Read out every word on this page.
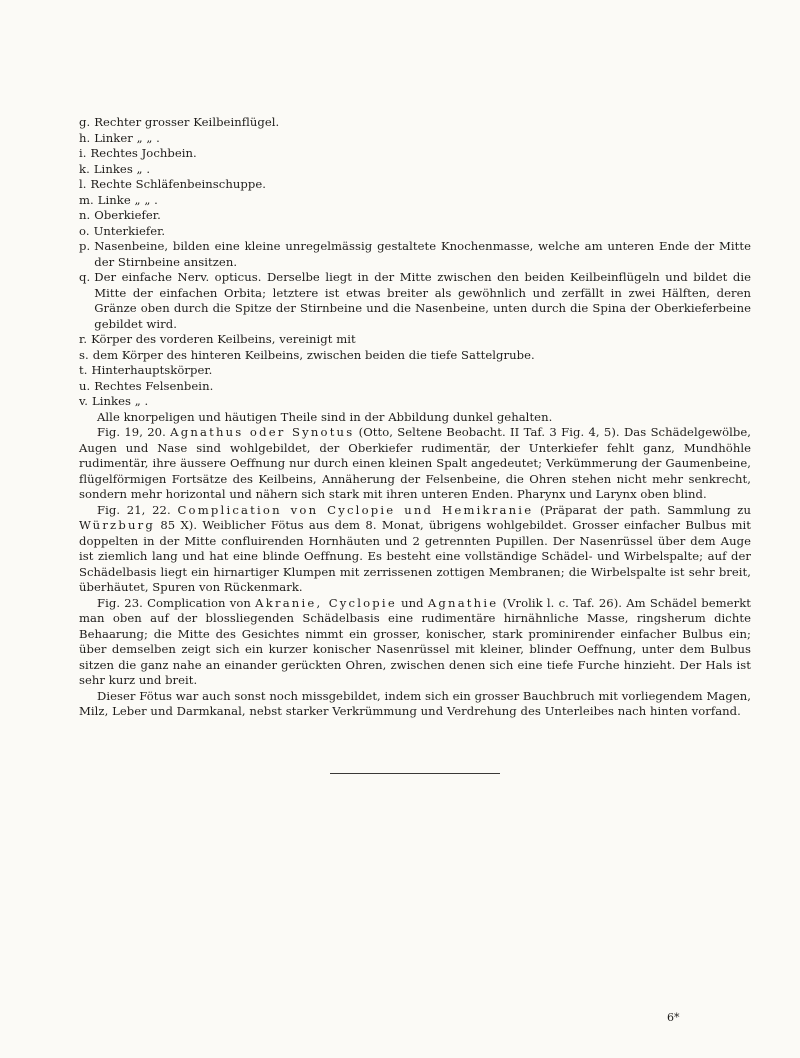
g. Rechter grosser Keilbeinflügel.
h. Linker „ „ .
i. Rechtes Jochbein.
k. Linkes „ .
l. Rechte Schläfenbeinschuppe.
m. Linke „ „ .
n. Oberkiefer.
o. Unterkiefer.
p. Nasenbeine, bilden eine kleine unregelmässig gestaltete Knochenmasse, welche am unteren Ende der Mitte der Stirnbeine ansitzen.
q. Der einfache Nerv. opticus. Derselbe liegt in der Mitte zwischen den beiden Keilbeinflügeln und bildet die Mitte der einfachen Orbita; letztere ist etwas breiter als gewöhnlich und zerfällt in zwei Hälften, deren Gränze oben durch die Spitze der Stirnbeine und die Nasenbeine, unten durch die Spina der Oberkieferbeine gebildet wird.
r. Körper des vorderen Keilbeins, vereinigt mit
s. dem Körper des hinteren Keilbeins, zwischen beiden die tiefe Sattelgrube.
t. Hinterhauptskörper.
u. Rechtes Felsenbein.
v. Linkes „ .

Alle knorpeligen und häutigen Theile sind in der Abbildung dunkel gehalten.

Fig. 19, 20. Agnathus oder Synotus (Otto, Seltene Beobacht. II Taf. 3 Fig. 4, 5). Das Schädelgewölbe, Augen und Nase sind wohlgebildet, der Oberkiefer rudimentär, der Unterkiefer fehlt ganz, Mundhöhle rudimentär, ihre äussere Oeffnung nur durch einen kleinen Spalt angedeutet; Verkümmerung der Gaumenbeine, flügelförmigen Fortsätze des Keilbeins, Annäherung der Felsenbeine, die Ohren stehen nicht mehr senkrecht, sondern mehr horizontal und nähern sich stark mit ihren unteren Enden. Pharynx und Larynx oben blind.

Fig. 21, 22. Complication von Cyclopie und Hemikranie (Präparat der path. Sammlung zu Würzburg 85 X). Weiblicher Fötus aus dem 8. Monat, übrigens wohlgebildet. Grosser einfacher Bulbus mit doppelten in der Mitte confluirenden Hornhäuten und 2 getrennten Pupillen. Der Nasenrüssel über dem Auge ist ziemlich lang und hat eine blinde Oeffnung. Es besteht eine vollständige Schädel- und Wirbelspalte; auf der Schädelbasis liegt ein hirnartiger Klumpen mit zerrissenen zottigen Membranen; die Wirbelspalte ist sehr breit, überhäutet, Spuren von Rückenmark.

Fig. 23. Complication von Akranie, Cyclopie und Agnathie (Vrolik l. c. Taf. 26). Am Schädel bemerkt man oben auf der blossliegenden Schädelbasis eine rudimentäre hirnähnliche Masse, ringsherum dichte Behaarung; die Mitte des Gesichtes nimmt ein grosser, konischer, stark prominirender einfacher Bulbus ein; über demselben zeigt sich ein kurzer konischer Nasenrüssel mit kleiner, blinder Oeffnung, unter dem Bulbus sitzen die ganz nahe an einander gerückten Ohren, zwischen denen sich eine tiefe Furche hinzieht. Der Hals ist sehr kurz und breit.

Dieser Fötus war auch sonst noch missgebildet, indem sich ein grosser Bauchbruch mit vorliegendem Magen, Milz, Leber und Darmkanal, nebst starker Verkrümmung und Verdrehung des Unterleibes nach hinten vorfand.

6*
